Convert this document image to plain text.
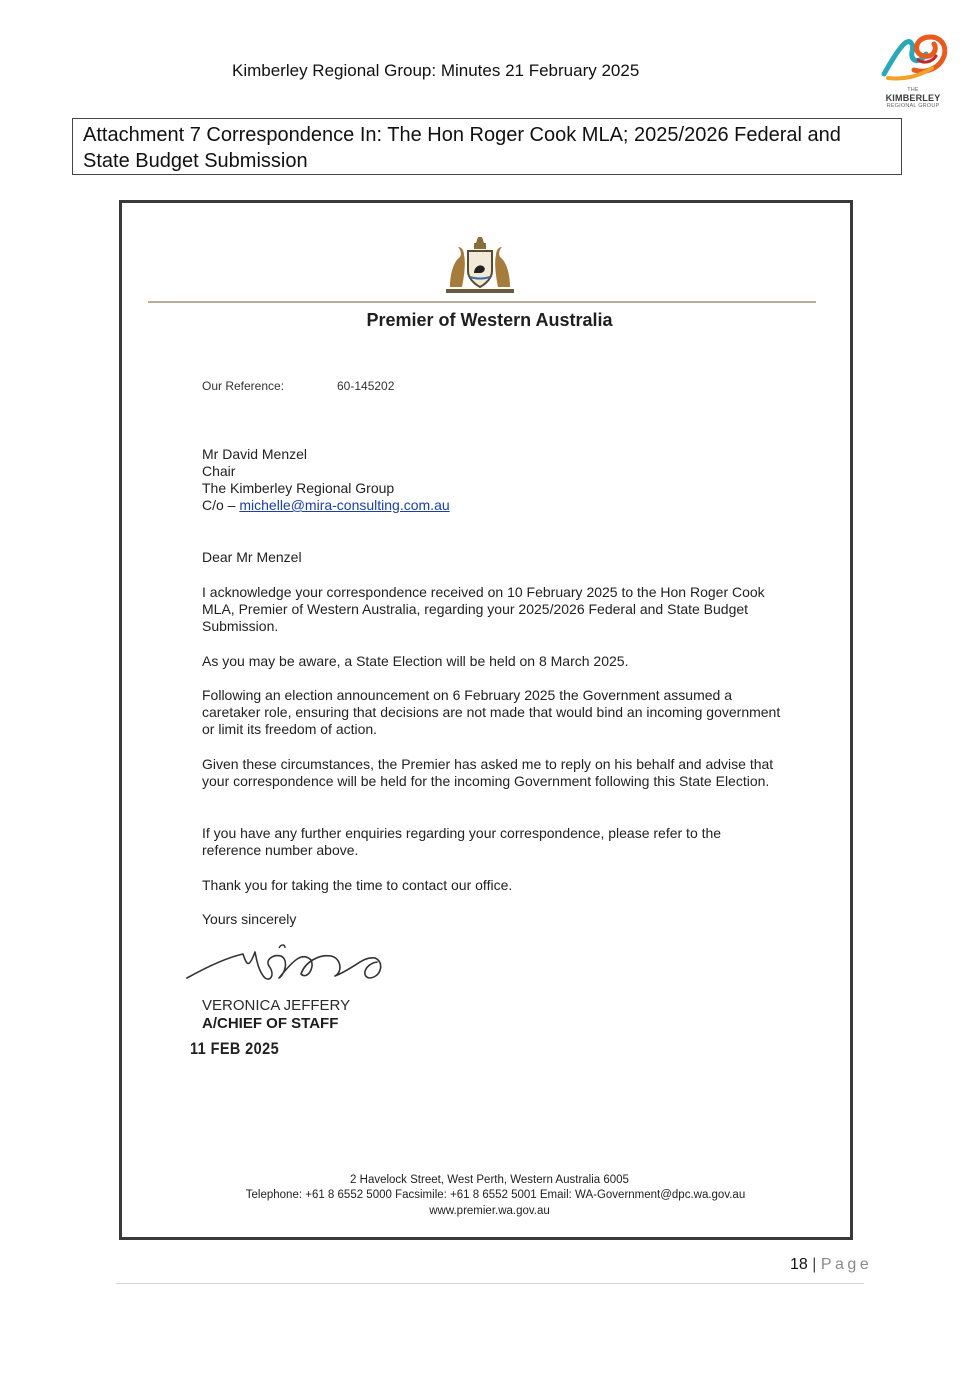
Kimberley Regional Group: Minutes 21 February 2025
THE
KIMBERLEY
REGIONAL GROUP
Attachment 7 Correspondence In: The Hon Roger Cook MLA; 2025/2026 Federal and
State Budget Submission
Premier of Western Australia
Our Reference:	60-145202
Mr David Menzel
Chair
The Kimberley Regional Group
C/o – michelle@mira-consulting.com.au
Dear Mr Menzel
I acknowledge your correspondence received on 10 February 2025 to the Hon Roger Cook MLA, Premier of Western Australia, regarding your 2025/2026 Federal and State Budget Submission.
As you may be aware, a State Election will be held on 8 March 2025.
Following an election announcement on 6 February 2025 the Government assumed a caretaker role, ensuring that decisions are not made that would bind an incoming government or limit its freedom of action.
Given these circumstances, the Premier has asked me to reply on his behalf and advise that your correspondence will be held for the incoming Government following this State Election.
If you have any further enquiries regarding your correspondence, please refer to the reference number above.
Thank you for taking the time to contact our office.
Yours sincerely
VERONICA JEFFERY
A/CHIEF OF STAFF
11 FEB 2025
2 Havelock Street, West Perth, Western Australia 6005
Telephone: +61 8 6552 5000 Facsimile: +61 8 6552 5001 Email: WA-Government@dpc.wa.gov.au
www.premier.wa.gov.au
18 | Page
